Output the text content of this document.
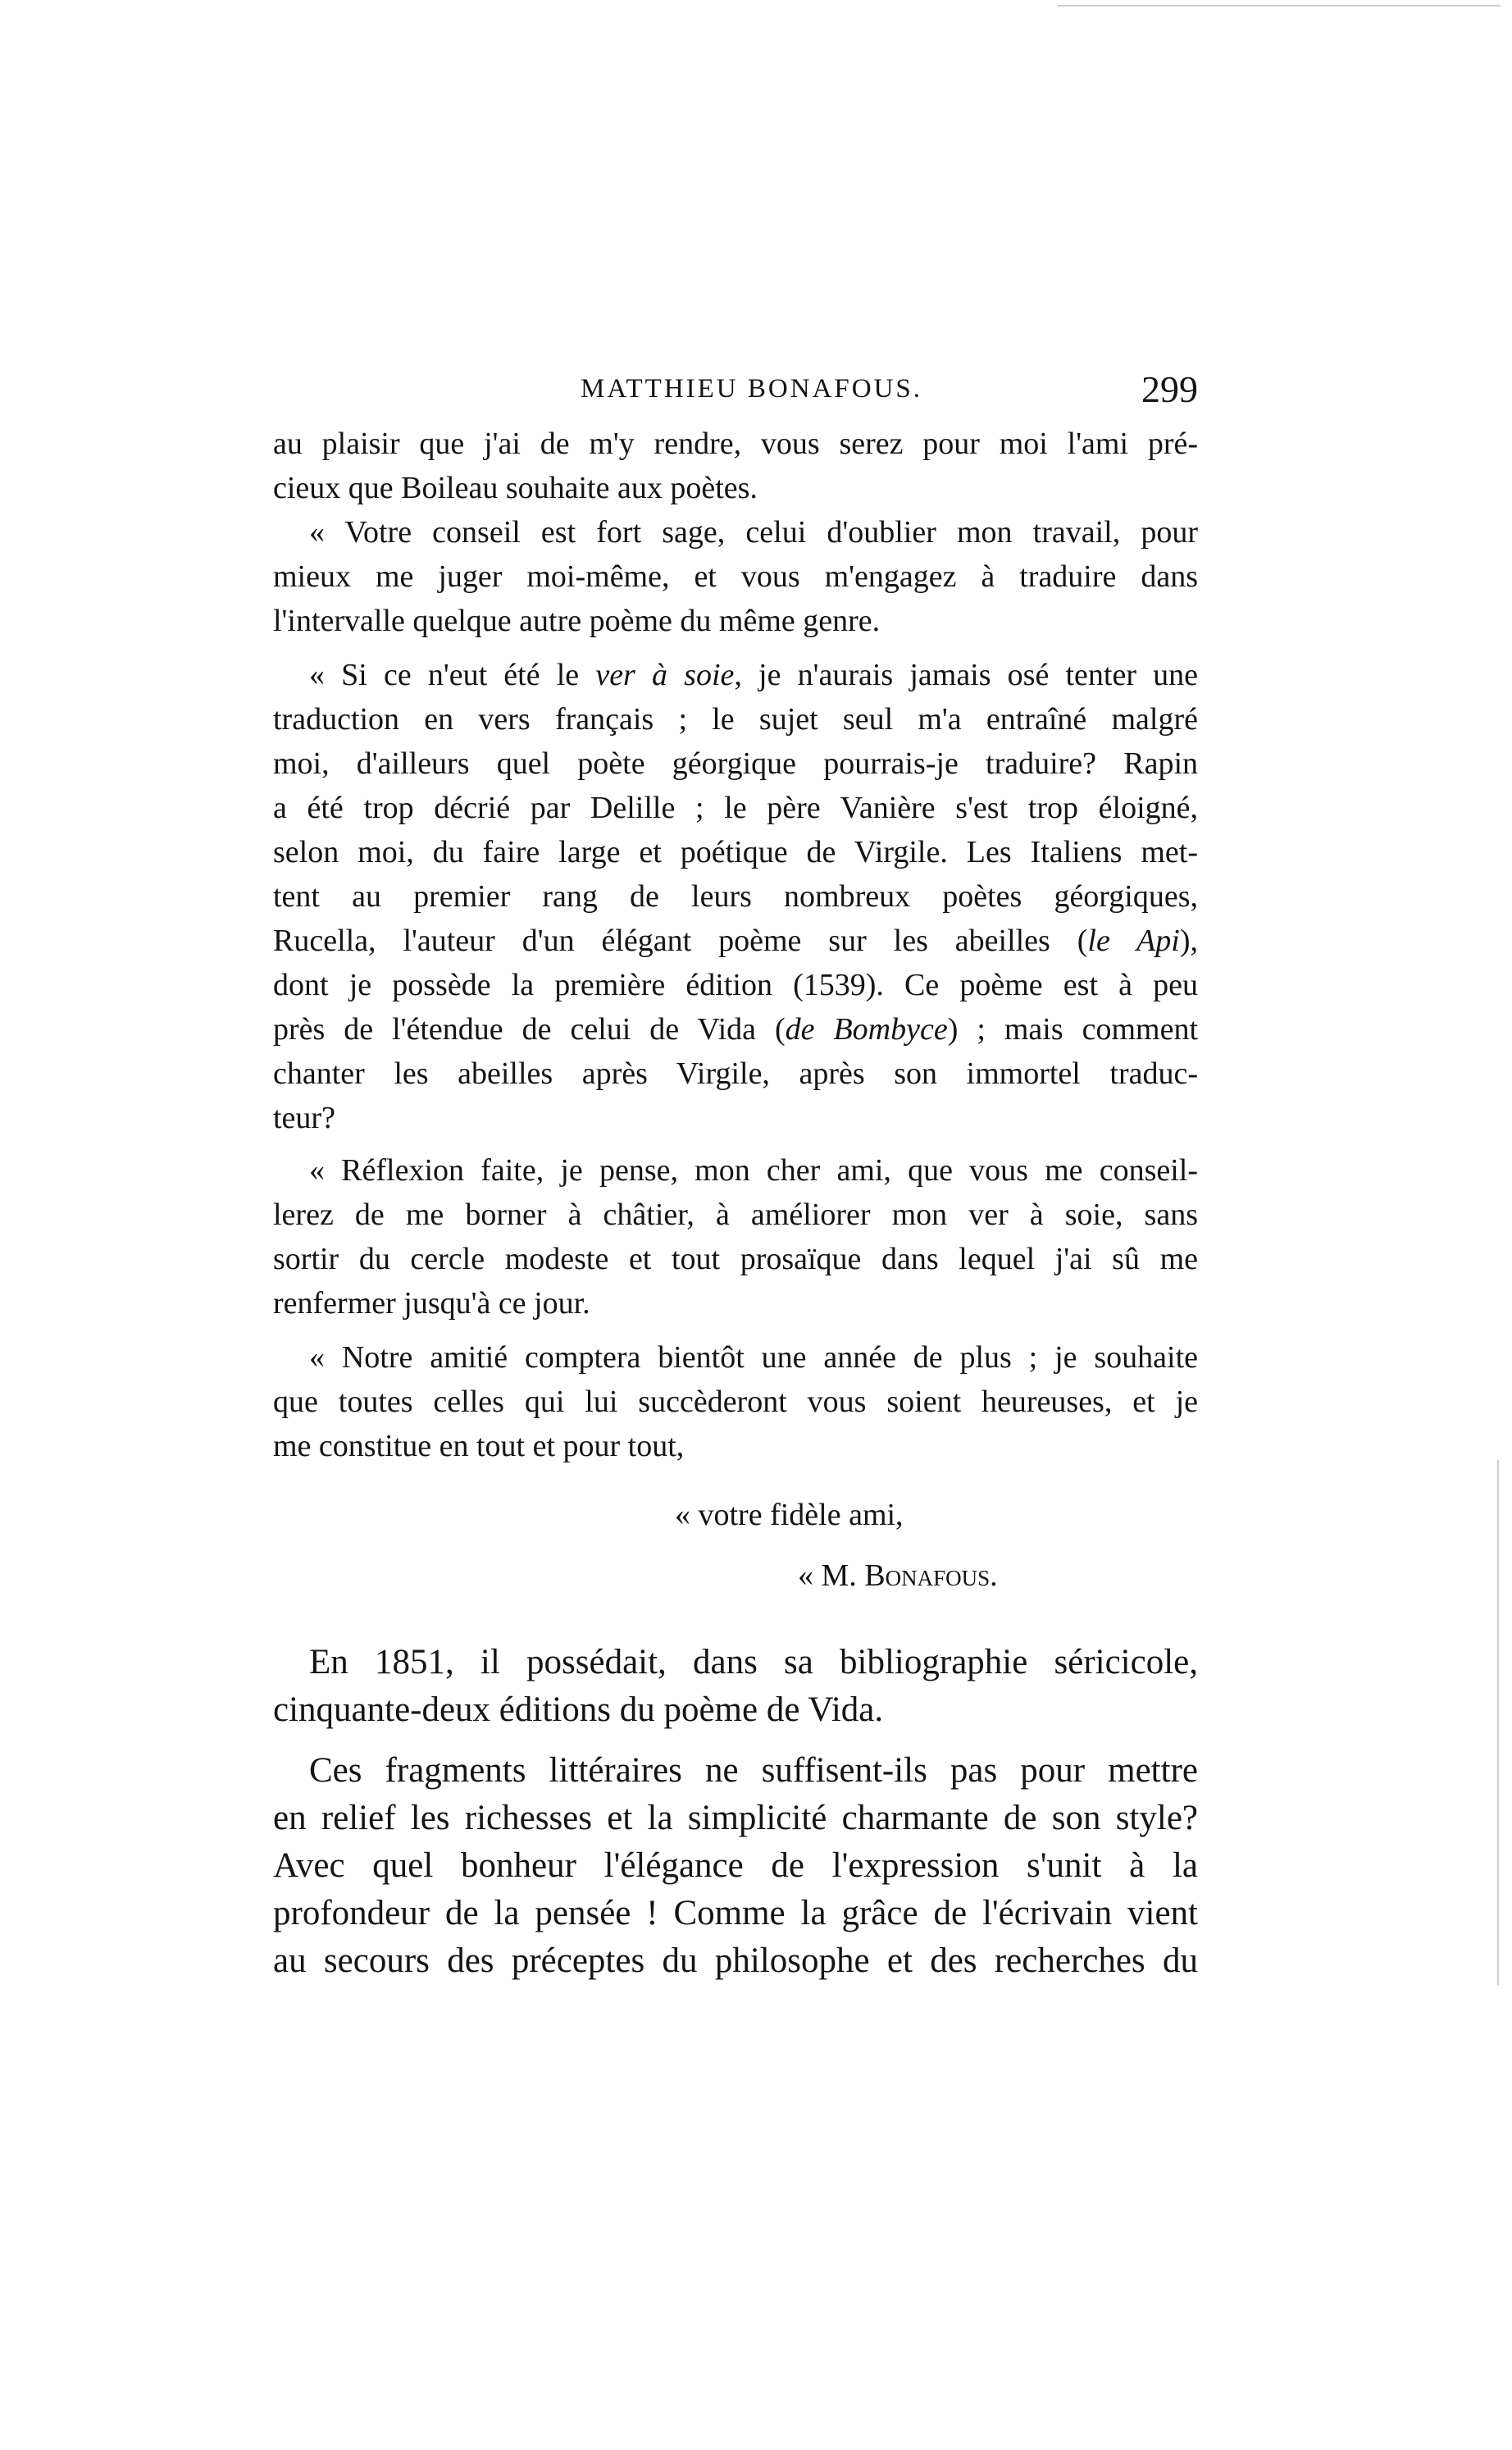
MATTHIEU BONAFOUS.	299
au plaisir que j'ai de m'y rendre, vous serez pour moi l'ami pré-
cieux que Boileau souhaite aux poètes.
« Votre conseil est fort sage, celui d'oublier mon travail, pour
mieux me juger moi-même, et vous m'engagez à traduire dans
l'intervalle quelque autre poème du même genre.
« Si ce n'eut été le ver à soie, je n'aurais jamais osé tenter une
traduction en vers français ; le sujet seul m'a entraîné malgré
moi, d'ailleurs quel poète géorgique pourrais-je traduire? Rapin
a été trop décrié par Delille ; le père Vanière s'est trop éloigné,
selon moi, du faire large et poétique de Virgile. Les Italiens met-
tent au premier rang de leurs nombreux poètes géorgiques,
Rucella, l'auteur d'un élégant poème sur les abeilles (le Api),
dont je possède la première édition (1539). Ce poème est à peu
près de l'étendue de celui de Vida (de Bombyce) ; mais comment
chanter les abeilles après Virgile, après son immortel traduc-
teur?
« Réflexion faite, je pense, mon cher ami, que vous me conseil-
lerez de me borner à châtier, à améliorer mon ver à soie, sans
sortir du cercle modeste et tout prosaïque dans lequel j'ai sû me
renfermer jusqu'à ce jour.
« Notre amitié comptera bientôt une année de plus ; je souhaite
que toutes celles qui lui succèderont vous soient heureuses, et je
me constitue en tout et pour tout,
« votre fidèle ami,
« M. Bonafous.
En 1851, il possédait, dans sa bibliographie séricicole,
cinquante-deux éditions du poème de Vida.
Ces fragments littéraires ne suffisent-ils pas pour mettre
en relief les richesses et la simplicité charmante de son style?
Avec quel bonheur l'élégance de l'expression s'unit à la
profondeur de la pensée ! Comme la grâce de l'écrivain vient
au secours des préceptes du philosophe et des recherches du
